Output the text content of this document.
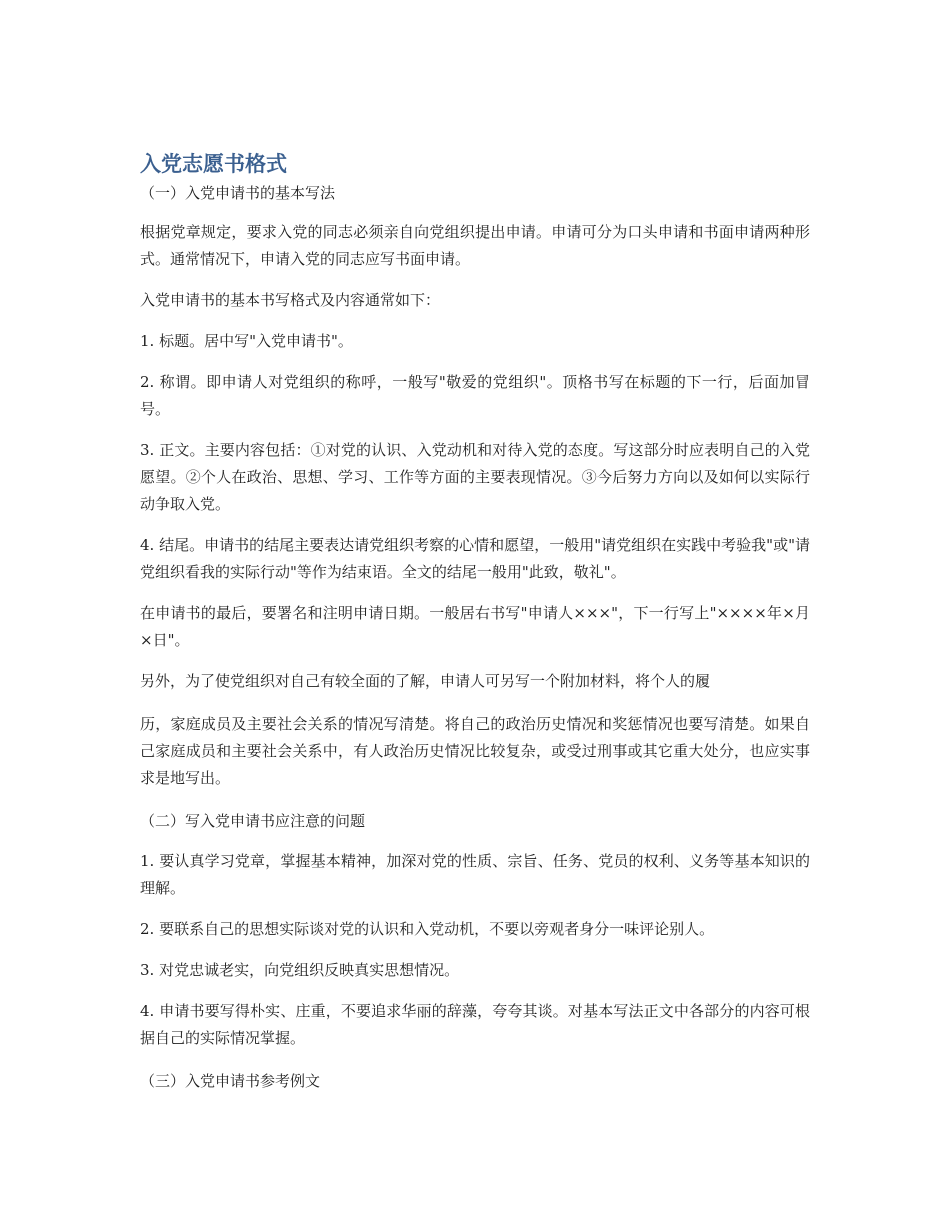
入党志愿书格式
（一）入党申请书的基本写法

根据党章规定，要求入党的同志必须亲自向党组织提出申请。申请可分为口头申请和书面申请两种形式。通常情况下，申请入党的同志应写书面申请。

入党申请书的基本书写格式及内容通常如下：

1. 标题。居中写"入党申请书"。

2. 称谓。即申请人对党组织的称呼，一般写"敬爱的党组织"。顶格书写在标题的下一行，后面加冒号。

3. 正文。主要内容包括：①对党的认识、入党动机和对待入党的态度。写这部分时应表明自己的入党愿望。②个人在政治、思想、学习、工作等方面的主要表现情况。③今后努力方向以及如何以实际行动争取入党。

4. 结尾。申请书的结尾主要表达请党组织考察的心情和愿望，一般用"请党组织在实践中考验我"或"请党组织看我的实际行动"等作为结束语。全文的结尾一般用"此致，敬礼"。

在申请书的最后，要署名和注明申请日期。一般居右书写"申请人×××"，下一行写上"××××年×月×日"。

另外，为了使党组织对自己有较全面的了解，申请人可另写一个附加材料，将个人的履

历，家庭成员及主要社会关系的情况写清楚。将自己的政治历史情况和奖惩情况也要写清楚。如果自己家庭成员和主要社会关系中，有人政治历史情况比较复杂，或受过刑事或其它重大处分，也应实事求是地写出。

（二）写入党申请书应注意的问题

1. 要认真学习党章，掌握基本精神，加深对党的性质、宗旨、任务、党员的权利、义务等基本知识的理解。

2. 要联系自己的思想实际谈对党的认识和入党动机，不要以旁观者身分一味评论别人。

3. 对党忠诚老实，向党组织反映真实思想情况。

4. 申请书要写得朴实、庄重，不要追求华丽的辞藻，夸夸其谈。对基本写法正文中各部分的内容可根据自己的实际情况掌握。

（三）入党申请书参考例文
